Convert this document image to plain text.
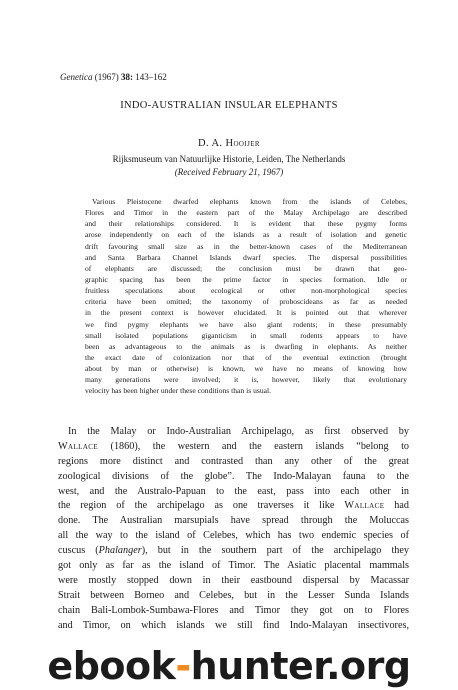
Genetica (1967) 38: 143–162
INDO-AUSTRALIAN INSULAR ELEPHANTS
D. A. Hooijer
Rijksmuseum van Natuurlijke Historie, Leiden, The Netherlands
(Received February 21, 1967)
Various Pleistocene dwarfed elephants known from the islands of Celebes,
Flores and Timor in the eastern part of the Malay Archipelago are described
and their relationships considered. It is evident that these pygmy forms
arose independently on each of the islands as a result of isolation and genetic
drift favouring small size as in the better-known cases of the Mediterranean
and Santa Barbara Channel Islands dwarf species. The dispersal possibilities
of elephants are discussed; the conclusion must be drawn that geo-
graphic spacing has been the prime factor in species formation. Idle or
fruitless speculations about ecological or other non-morphological species
criteria have been omitted; the taxonomy of proboscideans as far as needed
in the present context is however elucidated. It is pointed out that wherever
we find pygmy elephants we have also giant rodents; in these presumably
small isolated populations giganticism in small rodents appears to have
been as advantageous to the animals as is dwarfing in elephants. As neither
the exact date of colonization nor that of the eventual extinction (brought
about by man or otherwise) is known, we have no means of knowing how
many generations were involved; it is, however, likely that evolutionary
velocity has been higher under these conditions than is usual.
In the Malay or Indo-Australian Archipelago, as first observed by
Wallace (1860), the western and the eastern islands “belong to
regions more distinct and contrasted than any other of the great
zoological divisions of the globe”. The Indo-Malayan fauna to the
west, and the Australo-Papuan to the east, pass into each other in
the region of the archipelago as one traverses it like Wallace had
done. The Australian marsupials have spread through the Moluccas
all the way to the island of Celebes, which has two endemic species of
cuscus (Phalanger), but in the southern part of the archipelago they
got only as far as the island of Timor. The Asiatic placental mammals
were mostly stopped down in their eastbound dispersal by Macassar
Strait between Borneo and Celebes, but in the Lesser Sunda Islands
chain Bali-Lombok-Sumbawa-Flores and Timor they got on to Flores
and Timor, on which islands we still find Indo-Malayan insectivores,
ebook-hunter.org
